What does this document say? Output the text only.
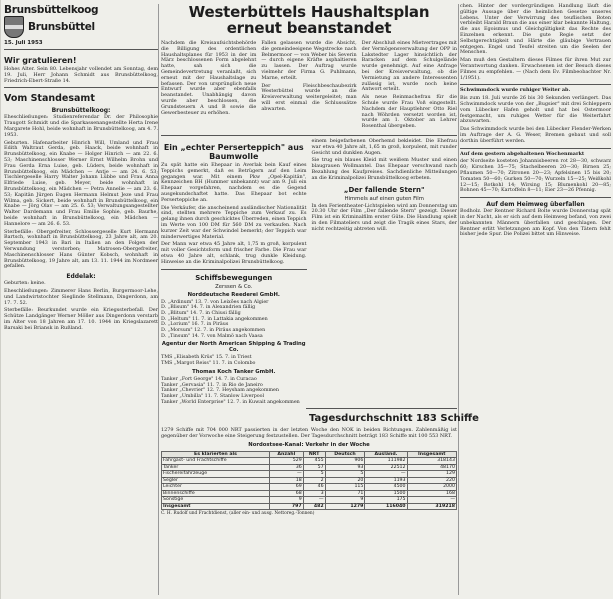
Brunsbüttelkoog
Brunsbüttel
15. Juli 1953
Wir gratulieren!

Hohes Alter. Sein 80. Lebensjahr vollendet am Sonntag, dem 19. Juli, Herr Johann Schmidt aus Brunsbüttelkoog, Friedrich-Ebert-Straße 14.

Vom Standesamt
Brunsbüttelkoog:

Eheschließungen: Studienreferendar Dr. der Philosophie Traugott Schmidt und die Sparkassenangestellte Herta Irene Margarete Hohl, beide wohnhaft in Brunsbüttelkoog, am 4. 7. 1953.

Geburten. Hafenarbeiter Hinrich Will, Umland und Frau Edith Waltraut Gerda, geb. Haack, beide wohnhaft in Brunsbüttelkoog, ein Knabe — Holger Hinrich — am 22. 6. 53; Maschinenschlosser Werner Ernst Wilhelm Brohn und Frau Gerda Erna Luise, geb. Lüders, beide wohnhaft in Brunsbüttelkoog, ein Mädchen — Antje — am 24. 6. 53; Tischlergeselle Harry Walter Johann Lübbe und Frau Anna Elfriede Luise, geb. Meyer, beide wohnhaft in Brunsbüttelkoog, ein Mädchen — Petra Annelie — am 23. 6. 53; Kapitän Jürgen Eugen Hermann Helmut Jeze und Frau Wilma, geb. Sickert, beide wohnhaft in Brunsbüttelkoog, ein Knabe — Jörg Olav — am 25. 6. 53; Verwaltungsangestellter Walter Dardemann und Frau Emilie Sophie, geb. Baurhe, beide wohnhaft in Brunsbüttelkoog, ein Mädchen — Hannelore — am 26. 6. 53.

Sterbefälle: Obergefreiter, Schlossergeselle Kurt Hermann Bartsch, wohnhaft in Brunsbüttelkoog, 23 Jahre alt, am 20. September 1943 in Bari in Italien an den Folgen der Verwundung verstorben; Matrosen-Obergefreiter, Maschinenschlosser Hans Günter Kobsch, wohnhaft in Brunsbüttelkoog, 19 Jahre alt, am 13. 11. 1944 im Nordmeer gefallen.

Eddelak:

Geburten: keine.

Eheschließungen: Zimmerer Hans Berlin, Burgermoor-Lehe, und Landwirtstochter Sieglinde Stellmann, Dingerdonn, am 17. 7. 52.

Sterbefälle: Beurkundet wurde ein Kriegssterbefall. Der Schütze Landgänger Werner Möller aus Dingerdonn verstarb im Alter von 18 Jahren am 17. 10. 1944 im Kriegslazarett Barsaki bei Briansk in Rußland.

Westerbüttels Haushaltsplan
erneut beanstandet

Nachdem die Kreisaufsichtsbehörde die Billigung des ordentlichen Haushaltsplanes für 1953 in der im März beschlossenen Form abgelehnt hatte, sah sich die Gemeindevertretung veranlaßt, sich erneut mit der Haushaltslage zu befassen. Der von ursprünglich neue Entwurf wurde aber ebenfalls beanstandet. Unabhängig davon wurde aber beschlossen, die Grundsteuern A und B sowie die Gewerbesteuer zu erhöhen.

Fallen gelassen wurde die Absicht, die gemeindeeigene Wegstrecke nach Belmermoor — von Weber bis Severin — durch eigene Kräfte asphaltieren zu lassen. Der Auftrag wurde vielmehr der Firma G. Puhlmann, Marne, erteilt.

Der Fleischbeschaubezirk Westerbüttel wurde an die Kreisverwaltung weitergeleitet; man will erst einmal die Schlusssätze abwarten.

Der Abschluß eines Mietvertrages mit der Vermögensverwaltung der OPP in Lakstedter Lager hinsichtlich der Baracken auf dem Schulgelände wurde genehmigt. Auf eine Anfrage bei der Kreisverwaltung, ob die Vermietung an andere Interessenten zulässig ist, wurde noch keine Antwort erteilt.

Als neue Reinmachefrau für die Schule wurde Frau Voß eingestellt. Nachdem der Hauptlehrer Otto Riel nach Wöhrden versetzt worden ist, wurde am 1. Oktober an Lehrer Rosenthal übergeben.

Ein „echter Perserteppich" aus Baumwolle

Zu spät hatte ein Ehepaar in Averlak bein Kauf eines Teppichs gemerkt, daß es Betrügern auf den Leim gegangen war. Mit einem Pkw „Opel-Kapitän", Kennzeichen BH (Hummer unbekannt) war am 9. Juli ein Ehepaar vorgefahren, nachdem es die Gegend ausgekundschaftet hatte. Das Ehepaar bot echte Perserteppiche an.

Die Verkäufer, die anscheinend ausländischer Nationalität sind, stellten mehrere Teppiche zum Verkauf zu. Es gelang ihnen durch geschicktes Überreden, einen Teppich im Werte von 100 DM für 560 DM zu verkaufen. Nach kurzer Zeit war der Schwindel bemerkt; der Teppich war minderwertiges Material.

Der Mann war etwa 45 Jahre alt, 1,75 m groß, korpulent mit voller Gesichtsform und frischer Farbe. Die Frau war etwa 40 Jahre alt, schlank, trug dunkle Kleidung. Hinweise an die Kriminalpolizei Brunsbüttelkoog.

Schiffsbewegungen
Zerssen & Co.
Norddeutsche Reederei GmbH.
D. „Ardinum" 13. 7. von Leixões nach Algier
D. „Blisum" 14. 7. in Alexandrien fällig
D. „Blitum" 14. 7. in Chiusi fällig
D. „Heltum" 11. 7. in Lattakia angekommen
D. „Lorium" 16. 7. in Piräus
D. „Morsum" 12. 7. in Piräus angekommen
D. „Tinsum" 14. 7. von Malmö nach Vaasa
Agentur der North American Shipping & Trading Co.
TMS „Elisabeth Krüs" 15. 7. in Triest
TMS „Margot Reiss" 11. 7. in Colombo
Thomas Koch Tanker GmbH.
Tanker „Fort George" 14. 7. in Curacao
Tanker „Gervasia" 11. 7. in Rio de Janeiro
Tanker „Chevrier" 12. 7. Heysham angekommen
Tanker „Umbilla" 11. 7. Stanlow Liverpool
Tanker „World Enterprise" 12. 7. in Kuwait angekommen

einem beigefarbenen Oberhemd bekleidet. Die Ehefrau war etwa 40 Jahre alt, 1,65 m groß, korpulent, mit runder Gesicht und dunklen Augen.

Sie trug ein blaues Kleid mit weißem Muster und einen blaugrauen Wollmantel. Das Ehepaar verschwand nach Bezahlung des Kaufpreises. Sachdienliche Mitteilungen an die Kriminalpolizei Brunsbüttelkoog erbeten.

„Der fallende Stern"
Himmels auf einen guten Film

In den Ferientheater-Lichtspielen wird am Donnerstag um 20.30 Uhr der Film „Der fallende Stern" gezeigt. Dieser Film ist ein Kriminalfilm erster Güte. Die Handlung spielt in den Filmateliers und zeigt die Tragik eines Stars, der nicht rechtzeitig abtreten will.

Tagesdurchschnitt 183 Schiffe

1279 Schiffe mit 704 000 NRT passierten in der letzten Woche den NOK in beiden Richtungen. Zahlenmäßig ist gegenüber der Vorwoche eine Steigerung festzustellen. Der Tagesdurchschnitt beträgt 183 Schiffe mit 100 553 NRT.

Nordostsee-Kanal: Verkehr in der Woche
Es klarierten als	Anzahl	NRT	Deutsch	Ausländ.	Insgesamt
Fahrgast- und Frachtschiffe	529	455	906	111982	318143
Tanker	36	57	93	22512	48170
Fischereifahrzeuge	—	5	5	—	129
Segler	18	2	20	1193	220
Leichter	69	46	115	4500	2000
Binnenschiffe	68	3	71	1500	168
Sonstige	9	—	9	175	—
Insgesamt	797	482	1279	116040	319218
C. H. Rudolf und Frachtdienst, (aller ein- und ausg. Nettoreg.-Tonnen)

chen. Hinter der vordergründigen Handlung läuft die gültige Aussage über die heimlichen Gesetze unseres Lebens. Unter der Verwirrung des teuflischen Boten verbleibt Harald Braun die aus einer klar bekannte Haltung, die aus Egoismus und Gleichgültigkeit das Rechte des Einzelnen erkennt. Die gute Regie setzt der Selbstgerechtigkeit und Härte die gläubige Vertrauen entgegen. Engel und Teufel streiten um die Seelen der Menschen.

Man muß den Gestaltern dieses Filmes für ihren Mut zur Verantwortung danken. Erwachsenen ist der Besuch dieses Filmes zu empfehlen. — (Nach dem Ev. Filmbeobachter Nr. 1/1951).

Schwimmdock wurde ruhiger Weiter ab.

Bis zum 18. Juli wurde 26 bis 30 Sekunden verlängert. Das Schwimmdock wurde von der „Bugsier" mit drei Schleppern vom Lübecker Hafen geholt und hat bei Ostermoor festgemacht, um ruhiges Wetter für die Weiterfahrt abzuwarten.

Das Schwimmdock wurde bei den Lübecker Flender-Werken im Auftrage der A. G. Weser, Bremen gebaut und soll dorthin überführt werden.

Auf dem gestern abgehaltenen Wochenmarkt

der Nordseite kosteten Johannisbeeren rot 28—30, schwarz 60; Kirschen 35—75; Stachelbeeren 20—30; Birnen 25; Pflaumen 50—70; Zitronen 20—23; Apfelsinen 15 bis 20; Tomaten 50—60; Gurken 50—70; Wurzeln 15—25; Weißkohl 12—15; Rotkohl 14; Wirsing 15; Blumenkohl 20—85; Bohnen 45—70; Kartoffeln 8—11; Eier 23—26 Pfennig.

Auf dem Heimweg überfallen

Bodholz. Der Rentner Richard Bolte wurde Donnerstag spät in der Nacht, als er sich auf dem Heimweg befand, von zwei unbekannten Männern überfallen und geschlagen. Der Rentner erlitt Verletzungen am Kopf. Von den Tätern fehlt bisher jede Spur. Die Polizei bittet um Hinweise.
